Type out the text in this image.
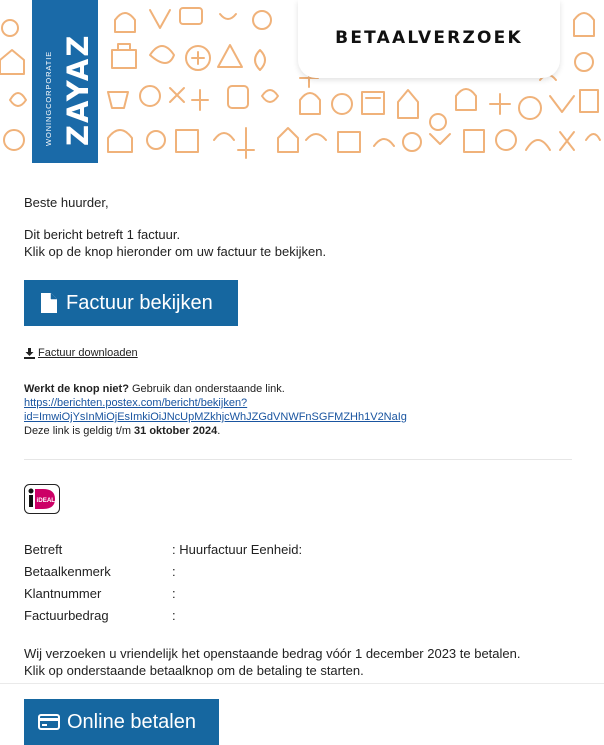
WONINGCORPORATIE ZAYAZ	BETAALVERZOEK
Beste huurder,
Dit bericht betreft 1 factuur.
Klik op de knop hieronder om uw factuur te bekijken.
Factuur bekijken
Factuur downloaden
Werkt de knop niet? Gebruik dan onderstaande link.
https://berichten.postex.com/bericht/bekijken?
id=ImwiOjYsInMiOjEsImkiOiJNcUpMZkhjcWhJZGdVNWFnSGFMZHh1V2NaIg
Deze link is geldig t/m 31 oktober 2024.
iDEAL
Betreft	: Huurfactuur Eenheid:
Betaalkenmerk	:
Klantnummer	:
Factuurbedrag	:
Wij verzoeken u vriendelijk het openstaande bedrag vóór 1 december 2023 te betalen.
Klik op onderstaande betaalknop om de betaling te starten.
Online betalen
